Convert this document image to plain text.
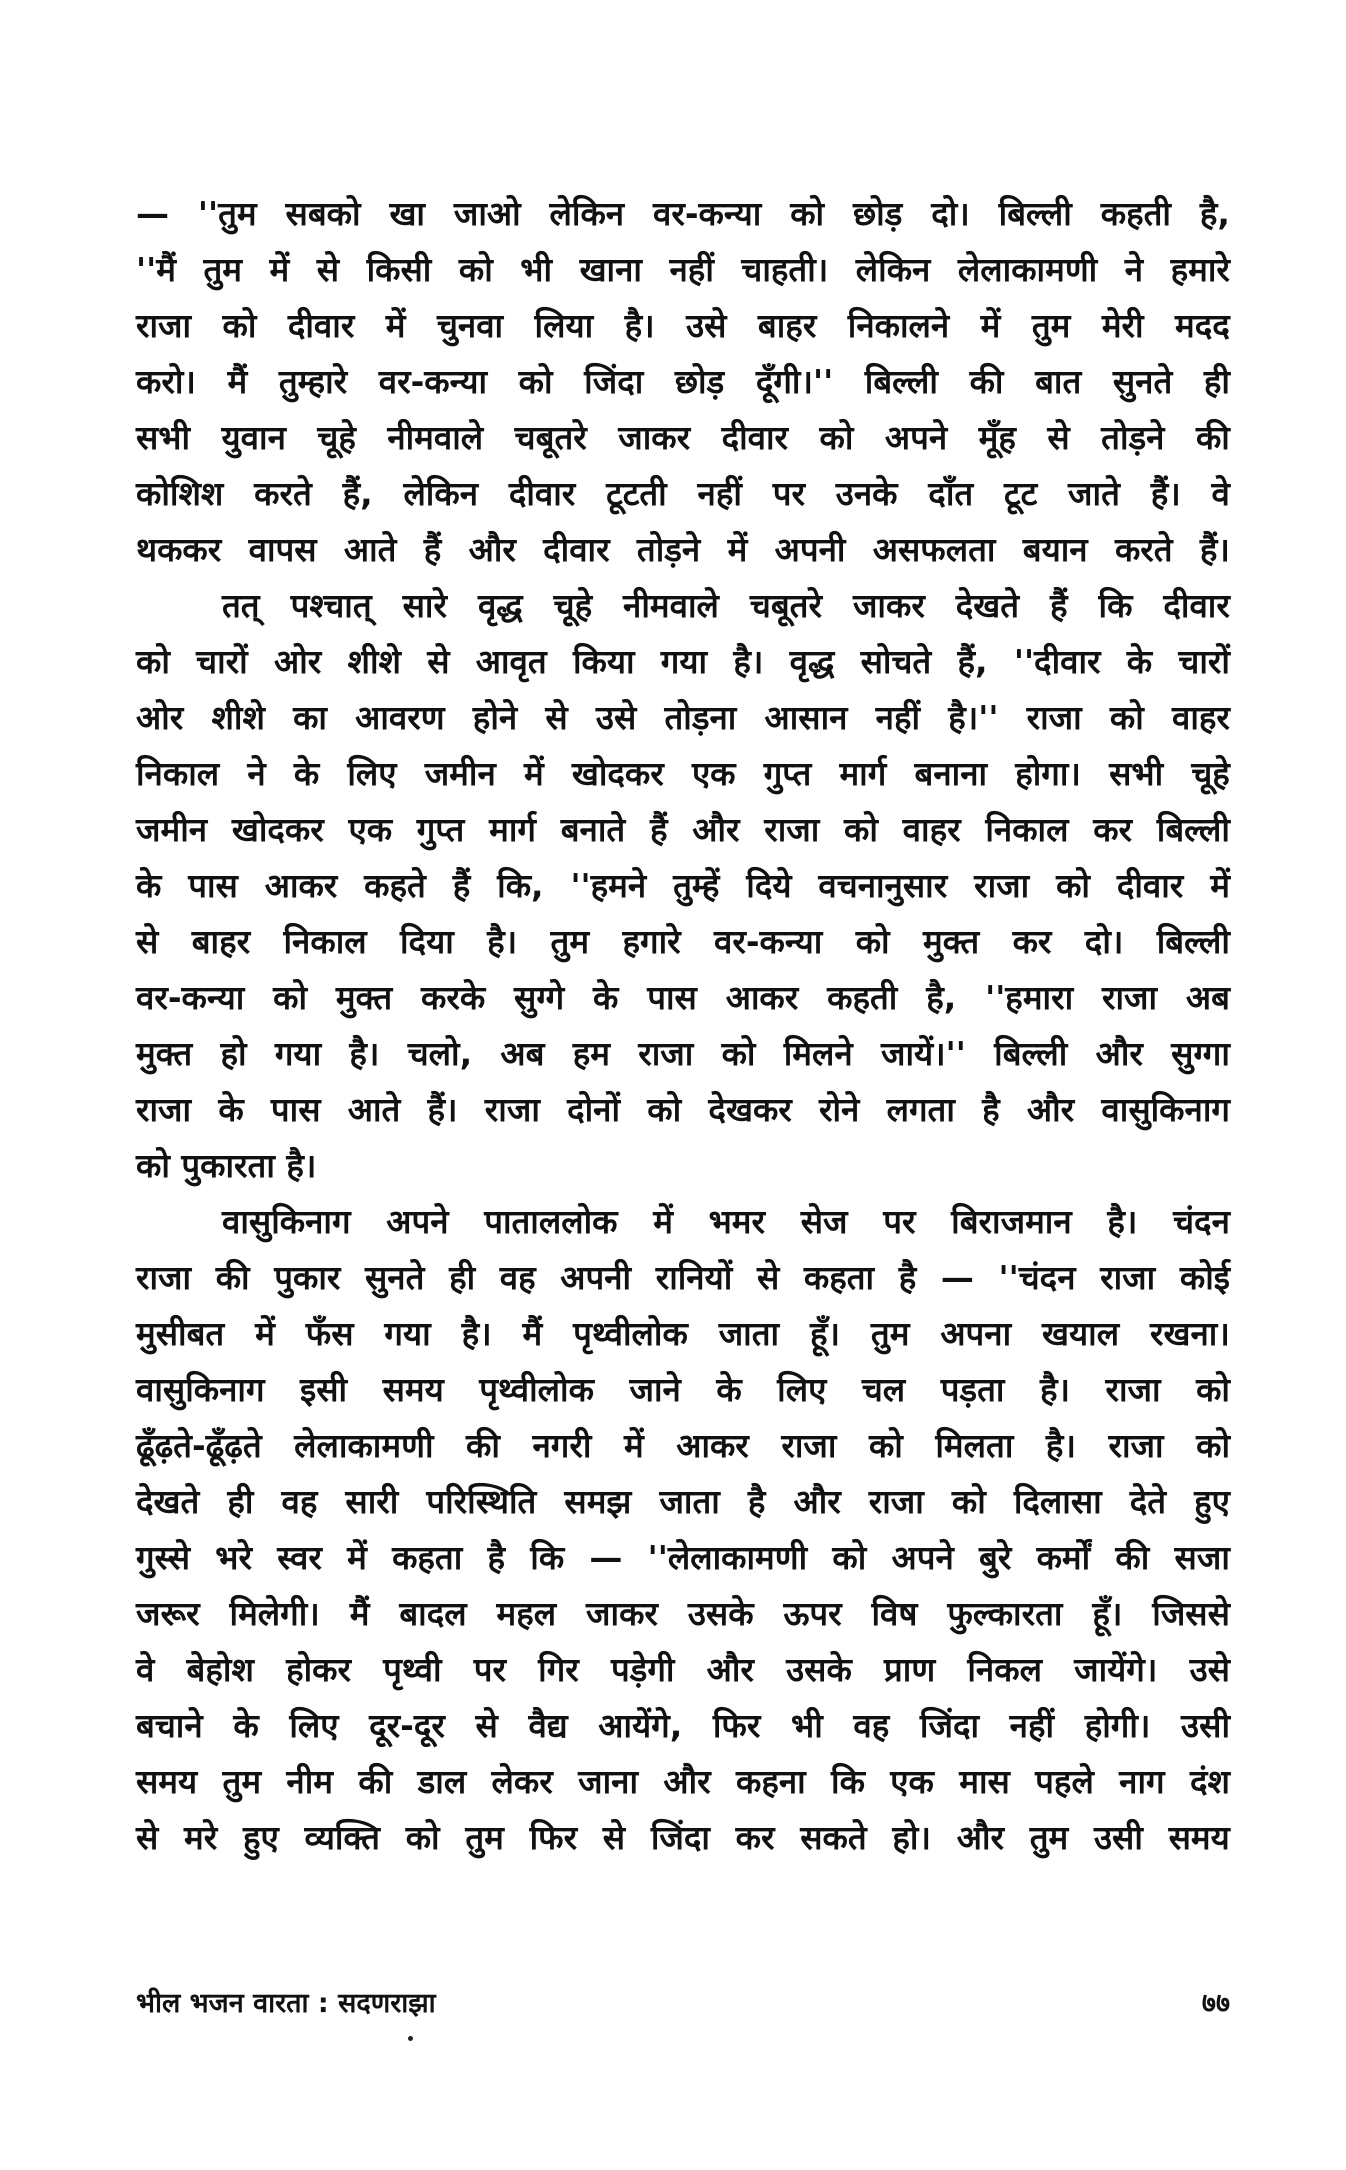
— ''तुम सबको खा जाओ लेकिन वर-कन्या को छोड़ दो। बिल्ली कहती है,
''मैं तुम में से किसी को भी खाना नहीं चाहती। लेकिन लेलाकामणी ने हमारे
राजा को दीवार में चुनवा लिया है। उसे बाहर निकालने में तुम मेरी मदद
करो। मैं तुम्हारे वर-कन्या को जिंदा छोड़ दूँगी।'' बिल्ली की बात सुनते ही
सभी युवान चूहे नीमवाले चबूतरे जाकर दीवार को अपने मूँह से तोड़ने की
कोशिश करते हैं, लेकिन दीवार टूटती नहीं पर उनके दाँत टूट जाते हैं। वे
थककर वापस आते हैं और दीवार तोड़ने में अपनी असफलता बयान करते हैं।
तत् पश्चात् सारे वृद्ध चूहे नीमवाले चबूतरे जाकर देखते हैं कि दीवार
को चारों ओर शीशे से आवृत किया गया है। वृद्ध सोचते हैं, ''दीवार के चारों
ओर शीशे का आवरण होने से उसे तोड़ना आसान नहीं है।'' राजा को वाहर
निकाल ने के लिए जमीन में खोदकर एक गुप्त मार्ग बनाना होगा। सभी चूहे
जमीन खोदकर एक गुप्त मार्ग बनाते हैं और राजा को वाहर निकाल कर बिल्ली
के पास आकर कहते हैं कि, ''हमने तुम्हें दिये वचनानुसार राजा को दीवार में
से बाहर निकाल दिया है। तुम हगारे वर-कन्या को मुक्त कर दो। बिल्ली
वर-कन्या को मुक्त करके सुग्गे के पास आकर कहती है, ''हमारा राजा अब
मुक्त हो गया है। चलो, अब हम राजा को मिलने जायें।'' बिल्ली और सुग्गा
राजा के पास आते हैं। राजा दोनों को देखकर रोने लगता है और वासुकिनाग
को पुकारता है।
वासुकिनाग अपने पाताललोक में भमर सेज पर बिराजमान है। चंदन
राजा की पुकार सुनते ही वह अपनी रानियों से कहता है — ''चंदन राजा कोई
मुसीबत में फँस गया है। मैं पृथ्वीलोक जाता हूँ। तुम अपना खयाल रखना।
वासुकिनाग इसी समय पृथ्वीलोक जाने के लिए चल पड़ता है। राजा को
ढूँढ़ते-ढूँढ़ते लेलाकामणी की नगरी में आकर राजा को मिलता है। राजा को
देखते ही वह सारी परिस्थिति समझ जाता है और राजा को दिलासा देते हुए
गुस्से भरे स्वर में कहता है कि — ''लेलाकामणी को अपने बुरे कर्मों की सजा
जरूर मिलेगी। मैं बादल महल जाकर उसके ऊपर विष फुल्कारता हूँ। जिससे
वे बेहोश होकर पृथ्वी पर गिर पड़ेगी और उसके प्राण निकल जायेंगे। उसे
बचाने के लिए दूर-दूर से वैद्य आयेंगे, फिर भी वह जिंदा नहीं होगी। उसी
समय तुम नीम की डाल लेकर जाना और कहना कि एक मास पहले नाग दंश
से मरे हुए व्यक्ति को तुम फिर से जिंदा कर सकते हो। और तुम उसी समय
भील भजन वारता : सदणराझा	७७
